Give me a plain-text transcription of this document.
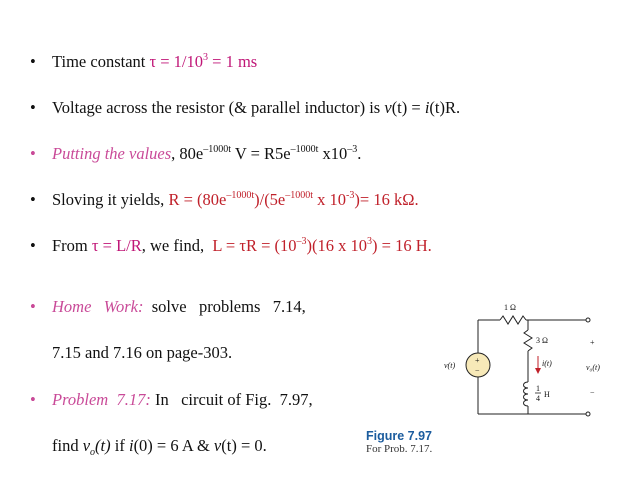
• Time constant $\tau = 1/10^3 = 1$ ms
• Voltage across the resistor (& parallel inductor) is v(t) = i(t)R.
• Putting the values, $80e^{-1000t}$ $V = R5e^{-1000t}$ $x10^{-3}$.
• Sloving it yields, $R = (80e^{-1000t})/(5e^{-1000t}$ x $10^{-3})= 16$ kΩ.
• From τ = L/R, we find,  $L = \tau R = (10^{-3})(16$ x $10^3) = 16$ H.
• Home   Work:  solve   problems   7.14,
7.15 and 7.16 on page-303.
• Problem  7.17: In   circuit of Fig.  7.97,
find $v_o(t)$ if i(0) = 6 A & v(t) = 0.
+
−
1 Ω
3 Ω
i(t)
v(t)
1
4 H
+
v₀(t)
−
Figure 7.97
For Prob. 7.17.
